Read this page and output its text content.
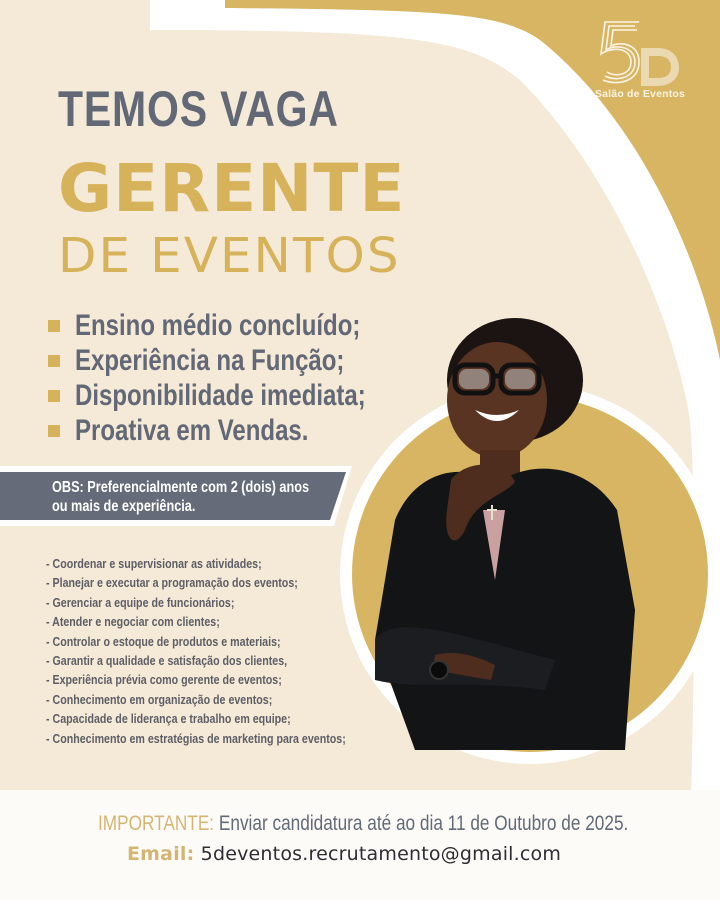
Salão de Eventos
TEMOS VAGA
GERENTE
DE EVENTOS
Ensino médio concluído;
Experiência na Função;
Disponibilidade imediata;
Proativa em Vendas.
OBS: Preferencialmente com 2 (dois) anos
ou mais de experiência.
- Coordenar e supervisionar as atividades;
- Planejar e executar a programação dos eventos;
- Gerenciar a equipe de funcionários;
- Atender e negociar com clientes;
- Controlar o estoque de produtos e materiais;
- Garantir a qualidade e satisfação dos clientes,
- Experiência prévia como gerente de eventos;
- Conhecimento em organização de eventos;
- Capacidade de liderança e trabalho em equipe;
- Conhecimento em estratégias de marketing para eventos;
IMPORTANTE: Enviar candidatura até ao dia 11 de Outubro de 2025.
Email: 5deventos.recrutamento@gmail.com
